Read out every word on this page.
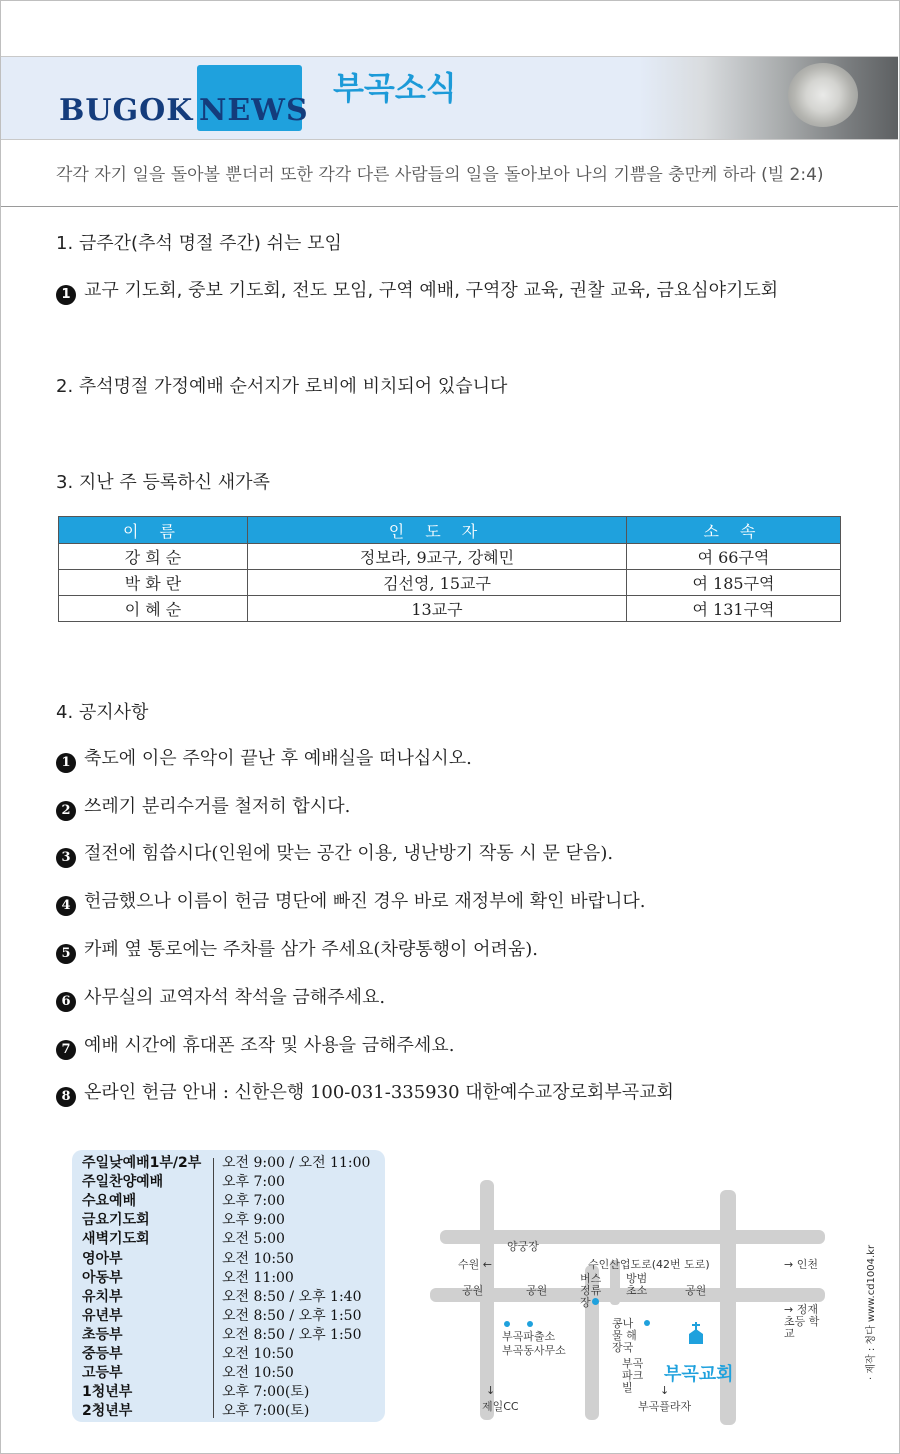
BUGOK NEWS
부곡소식
각각 자기 일을 돌아볼 뿐더러 또한 각각 다른 사람들의 일을 돌아보아 나의 기쁨을 충만케 하라 (빌 2:4)
1. 금주간(추석 명절 주간) 쉬는 모임
1 교구 기도회, 중보 기도회, 전도 모임, 구역 예배, 구역장 교육, 권찰 교육, 금요심야기도회
2. 추석명절 가정예배 순서지가 로비에 비치되어 있습니다
3. 지난 주 등록하신 새가족
이 름	인 도 자	소 속
강 희 순	정보라, 9교구, 강혜민	여 66구역
박 화 란	김선영, 15교구	여 185구역
이 혜 순	13교구	여 131구역
4. 공지사항
1 축도에 이은 주악이 끝난 후 예배실을 떠나십시오.
2 쓰레기 분리수거를 철저히 합시다.
3 절전에 힘씁시다(인원에 맞는 공간 이용, 냉난방기 작동 시 문 닫음).
4 헌금했으나 이름이 헌금 명단에 빠진 경우 바로 재정부에 확인 바랍니다.
5 카페 옆 통로에는 주차를 삼가 주세요(차량통행이 어려움).
6 사무실의 교역자석 착석을 금해주세요.
7 예배 시간에 휴대폰 조작 및 사용을 금해주세요.
8 온라인 헌금 안내 : 신한은행 100-031-335930 대한예수교장로회부곡교회
주일낮예배1부/2부 오전 9:00 / 오전 11:00
주일찬양예배	오후 7:00
수요예배	오후 7:00
금요기도회	오후 9:00
새벽기도회	오전 5:00
영아부	오전 10:50
아동부	오전 11:00
유치부	오전 8:50 / 오후 1:40
유년부	오전 8:50 / 오후 1:50
초등부	오전 8:50 / 오후 1:50
중등부	오전 10:50
고등부	오전 10:50
1청년부	오후 7:00(토)
2청년부	오후 7:00(토)
양궁장
수원 ←	수인산업도로(42번 도로)	→ 인천
공원	공원
버스 정류장
방범 초소	공원
→ 정재 초등 학교
부곡파출소
부곡동사무소
콩나물 해장국
부곡 파크빌
부곡교회
↓
제일CC
↓
부곡플라자
· 제작 : 청다 www.cd1004.kr
